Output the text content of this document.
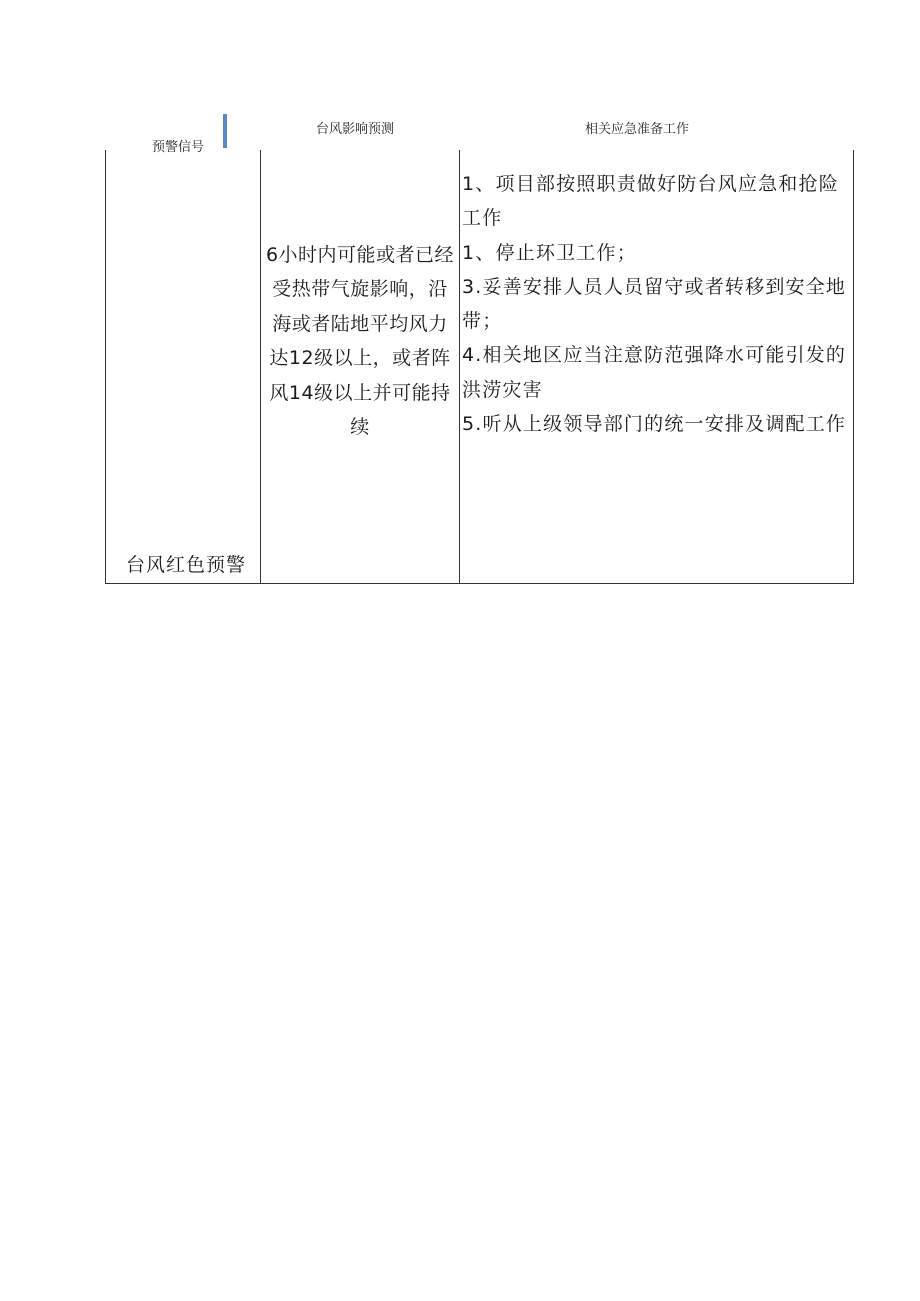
预警信号
台风影响预测	相关应急准备工作
台风红色预警
6小时内可能或者已经受热带气旋影响，沿海或者陆地平均风力达12级以上，或者阵风14级以上并可能持续

1、项目部按照职责做好防台风应急和抢险工作

1、停止环卫工作；

3.妥善安排人员人员留守或者转移到安全地带；

4.相关地区应当注意防范强降水可能引发的洪涝灾害

5.听从上级领导部门的统一安排及调配工作
